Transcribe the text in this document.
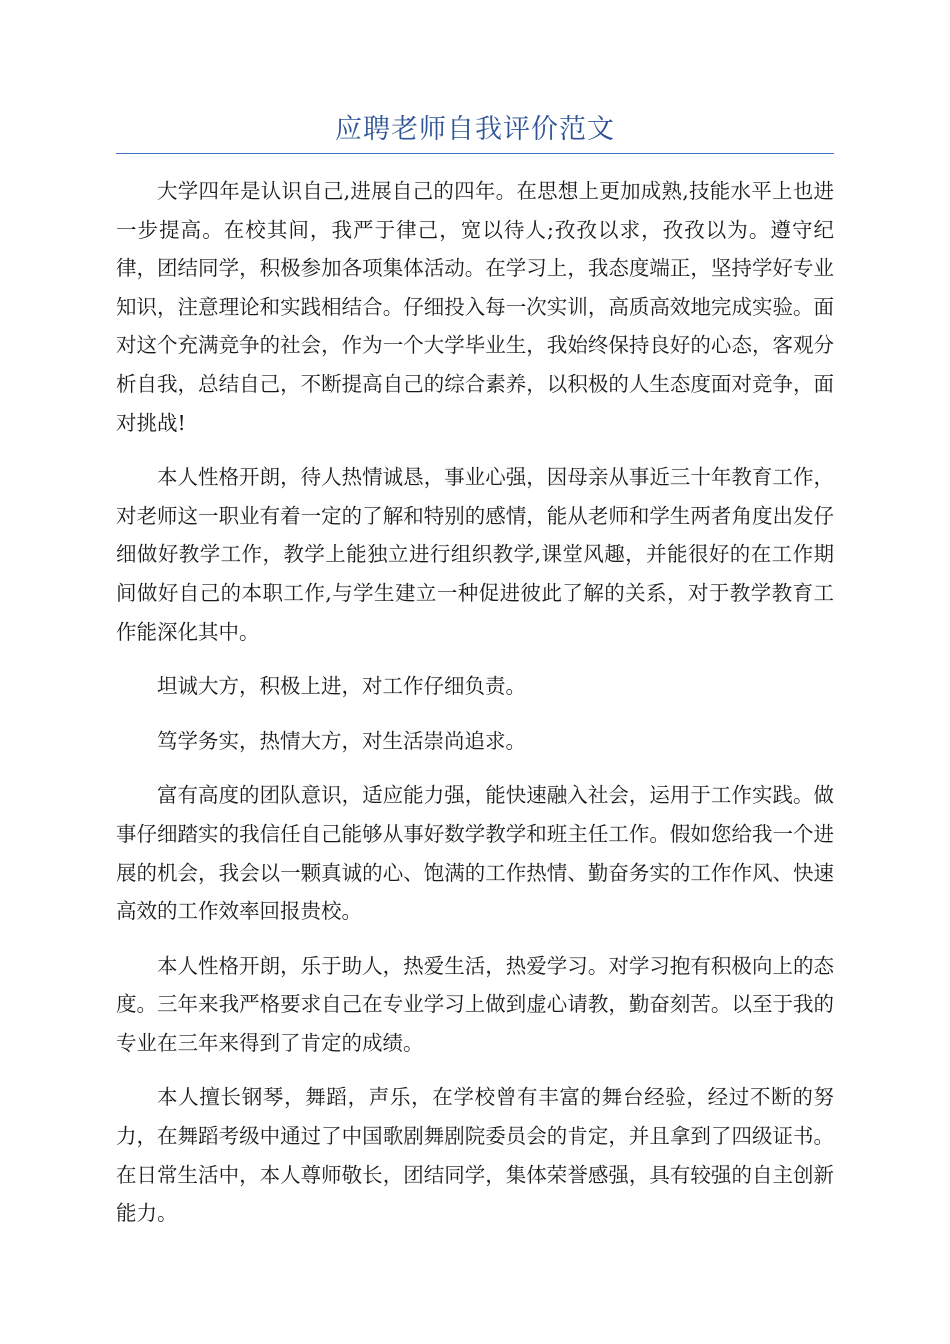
应聘老师自我评价范文

大学四年是认识自己,进展自己的四年。在思想上更加成熟,技能水平上也进一步提高。在校其间，我严于律己，宽以待人;孜孜以求，孜孜以为。遵守纪律，团结同学，积极参加各项集体活动。在学习上，我态度端正，坚持学好专业知识，注意理论和实践相结合。仔细投入每一次实训，高质高效地完成实验。面对这个充满竞争的社会，作为一个大学毕业生，我始终保持良好的心态，客观分析自我，总结自己，不断提高自己的综合素养，以积极的人生态度面对竞争，面对挑战!

本人性格开朗，待人热情诚恳，事业心强，因母亲从事近三十年教育工作，对老师这一职业有着一定的了解和特别的感情，能从老师和学生两者角度出发仔细做好教学工作，教学上能独立进行组织教学,课堂风趣，并能很好的在工作期间做好自己的本职工作,与学生建立一种促进彼此了解的关系，对于教学教育工作能深化其中。

坦诚大方，积极上进，对工作仔细负责。

笃学务实，热情大方，对生活崇尚追求。

富有高度的团队意识，适应能力强，能快速融入社会，运用于工作实践。做事仔细踏实的我信任自己能够从事好数学教学和班主任工作。假如您给我一个进展的机会，我会以一颗真诚的心、饱满的工作热情、勤奋务实的工作作风、快速高效的工作效率回报贵校。

本人性格开朗，乐于助人，热爱生活，热爱学习。对学习抱有积极向上的态度。三年来我严格要求自己在专业学习上做到虚心请教，勤奋刻苦。以至于我的专业在三年来得到了肯定的成绩。

本人擅长钢琴，舞蹈，声乐，在学校曾有丰富的舞台经验，经过不断的努力，在舞蹈考级中通过了中国歌剧舞剧院委员会的肯定，并且拿到了四级证书。在日常生活中，本人尊师敬长，团结同学，集体荣誉感强，具有较强的自主创新能力。
